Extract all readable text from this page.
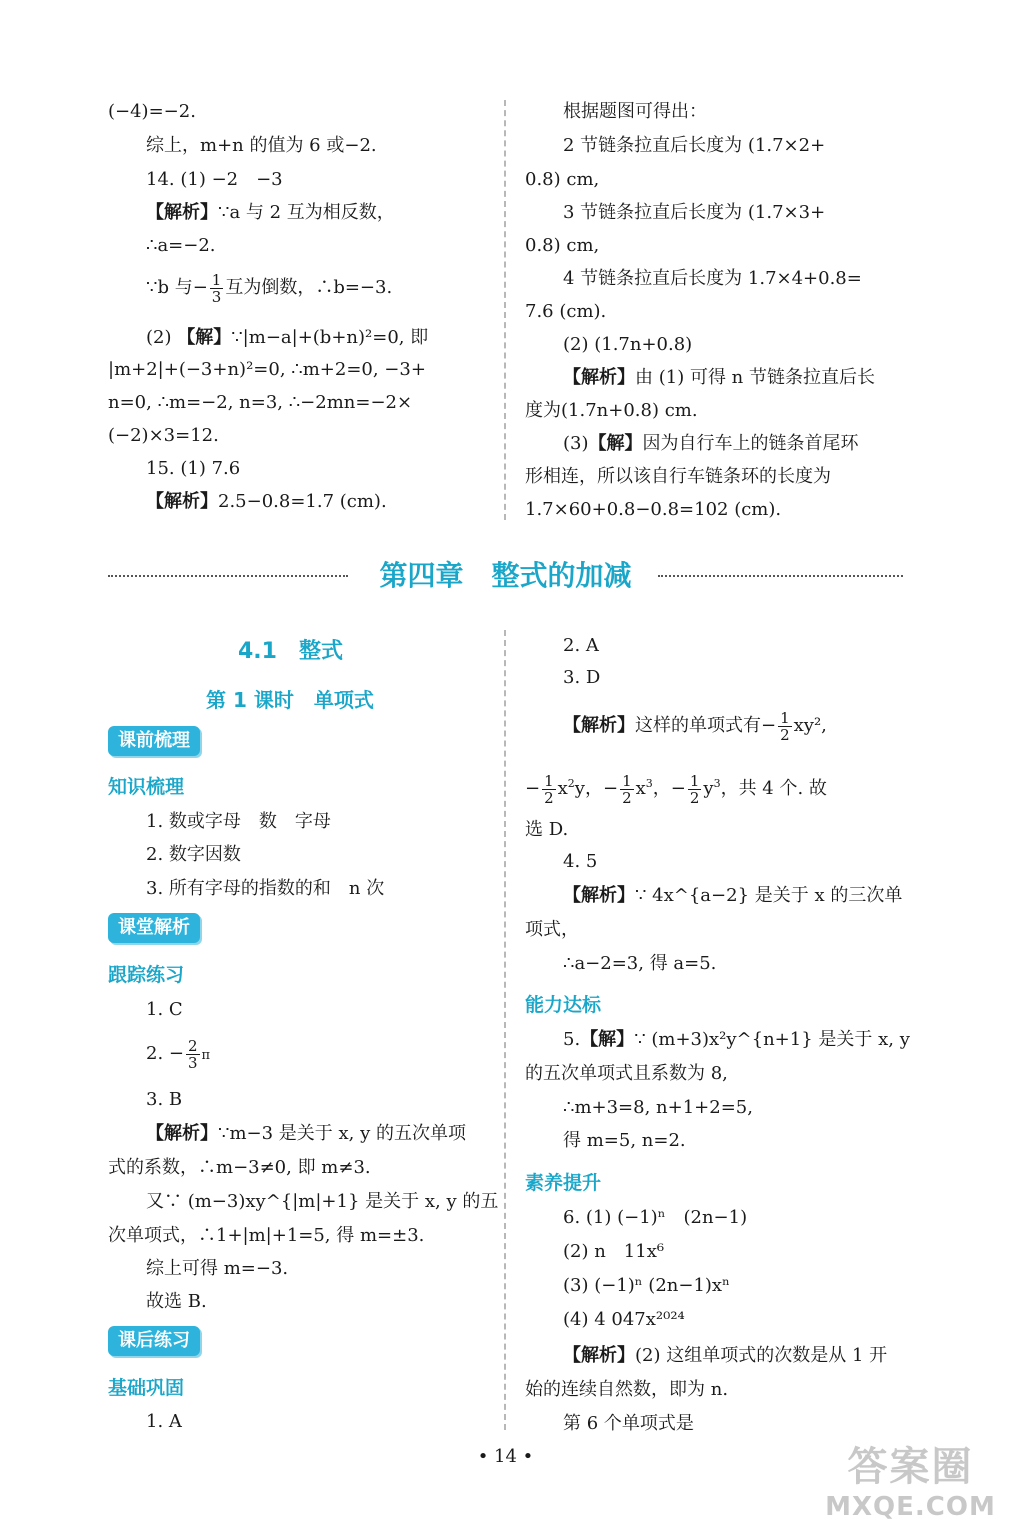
(−4)=−2.
综上，m+n 的值为 6 或−2.
14. (1) −2　−3
【解析】∵a 与 2 互为相反数，
∴a=−2.
∵b 与− $\frac{1}{3}$ 互为倒数，∴b=−3.
(2) 【解】∵|m−a|+(b+n)²=0, 即
|m+2|+(−3+n)²=0, ∴m+2=0, −3+
n=0, ∴m=−2, n=3, ∴−2mn=−2×
(−2)×3=12.
15. (1) 7.6
【解析】2.5−0.8=1.7 (cm).
根据题图可得出：
2 节链条拉直后长度为 (1.7×2+
0.8) cm,
3 节链条拉直后长度为 (1.7×3+
0.8) cm,
4 节链条拉直后长度为 1.7×4+0.8=
7.6 (cm).
(2) (1.7n+0.8)
【解析】由 (1) 可得 n 节链条拉直后长
度为(1.7n+0.8) cm.
(3)【解】因为自行车上的链条首尾环
形相连，所以该自行车链条环的长度为
1.7×60+0.8−0.8=102 (cm).
第四章　整式的加减
4.1　整式
第 1 课时　单项式
课前梳理
知识梳理
1. 数或字母　数　字母
2. 数字因数
3. 所有字母的指数的和　n 次
课堂解析
跟踪练习
1. C
2. − $\frac{2}{3}$ π
3. B
【解析】∵m−3 是关于 x, y 的五次单项
式的系数，∴m−3≠0, 即 m≠3.
又∵ (m−3)xy^{|m|+1} 是关于 x, y 的五
次单项式，∴1+|m|+1=5, 得 m=±3.
综上可得 m=−3.
故选 B.
课后练习
基础巩固
1. A
2. A
3. D
【解析】这样的单项式有− $\frac{1}{2} xy^2$,
− $\frac{1}{2} x^2y$，− $\frac{1}{2} x^3$，− $\frac{1}{2} y^3$，共 4 个. 故
选 D.
4. 5
【解析】∵ 4x^{a−2} 是关于 x 的三次单
项式，
∴a−2=3, 得 a=5.
能力达标
5.【解】∵ (m+3)x²y^{n+1} 是关于 x, y
的五次单项式且系数为 8,
∴m+3=8, n+1+2=5,
得 m=5, n=2.
素养提升
6. (1) (−1)ⁿ　(2n−1)
(2) n　11x⁶
(3) (−1)ⁿ (2n−1)xⁿ
(4) 4 047x²⁰²⁴
【解析】(2) 这组单项式的次数是从 1 开
始的连续自然数，即为 n.
第 6 个单项式是
• 14 •	答案圈
MXQE.COM
